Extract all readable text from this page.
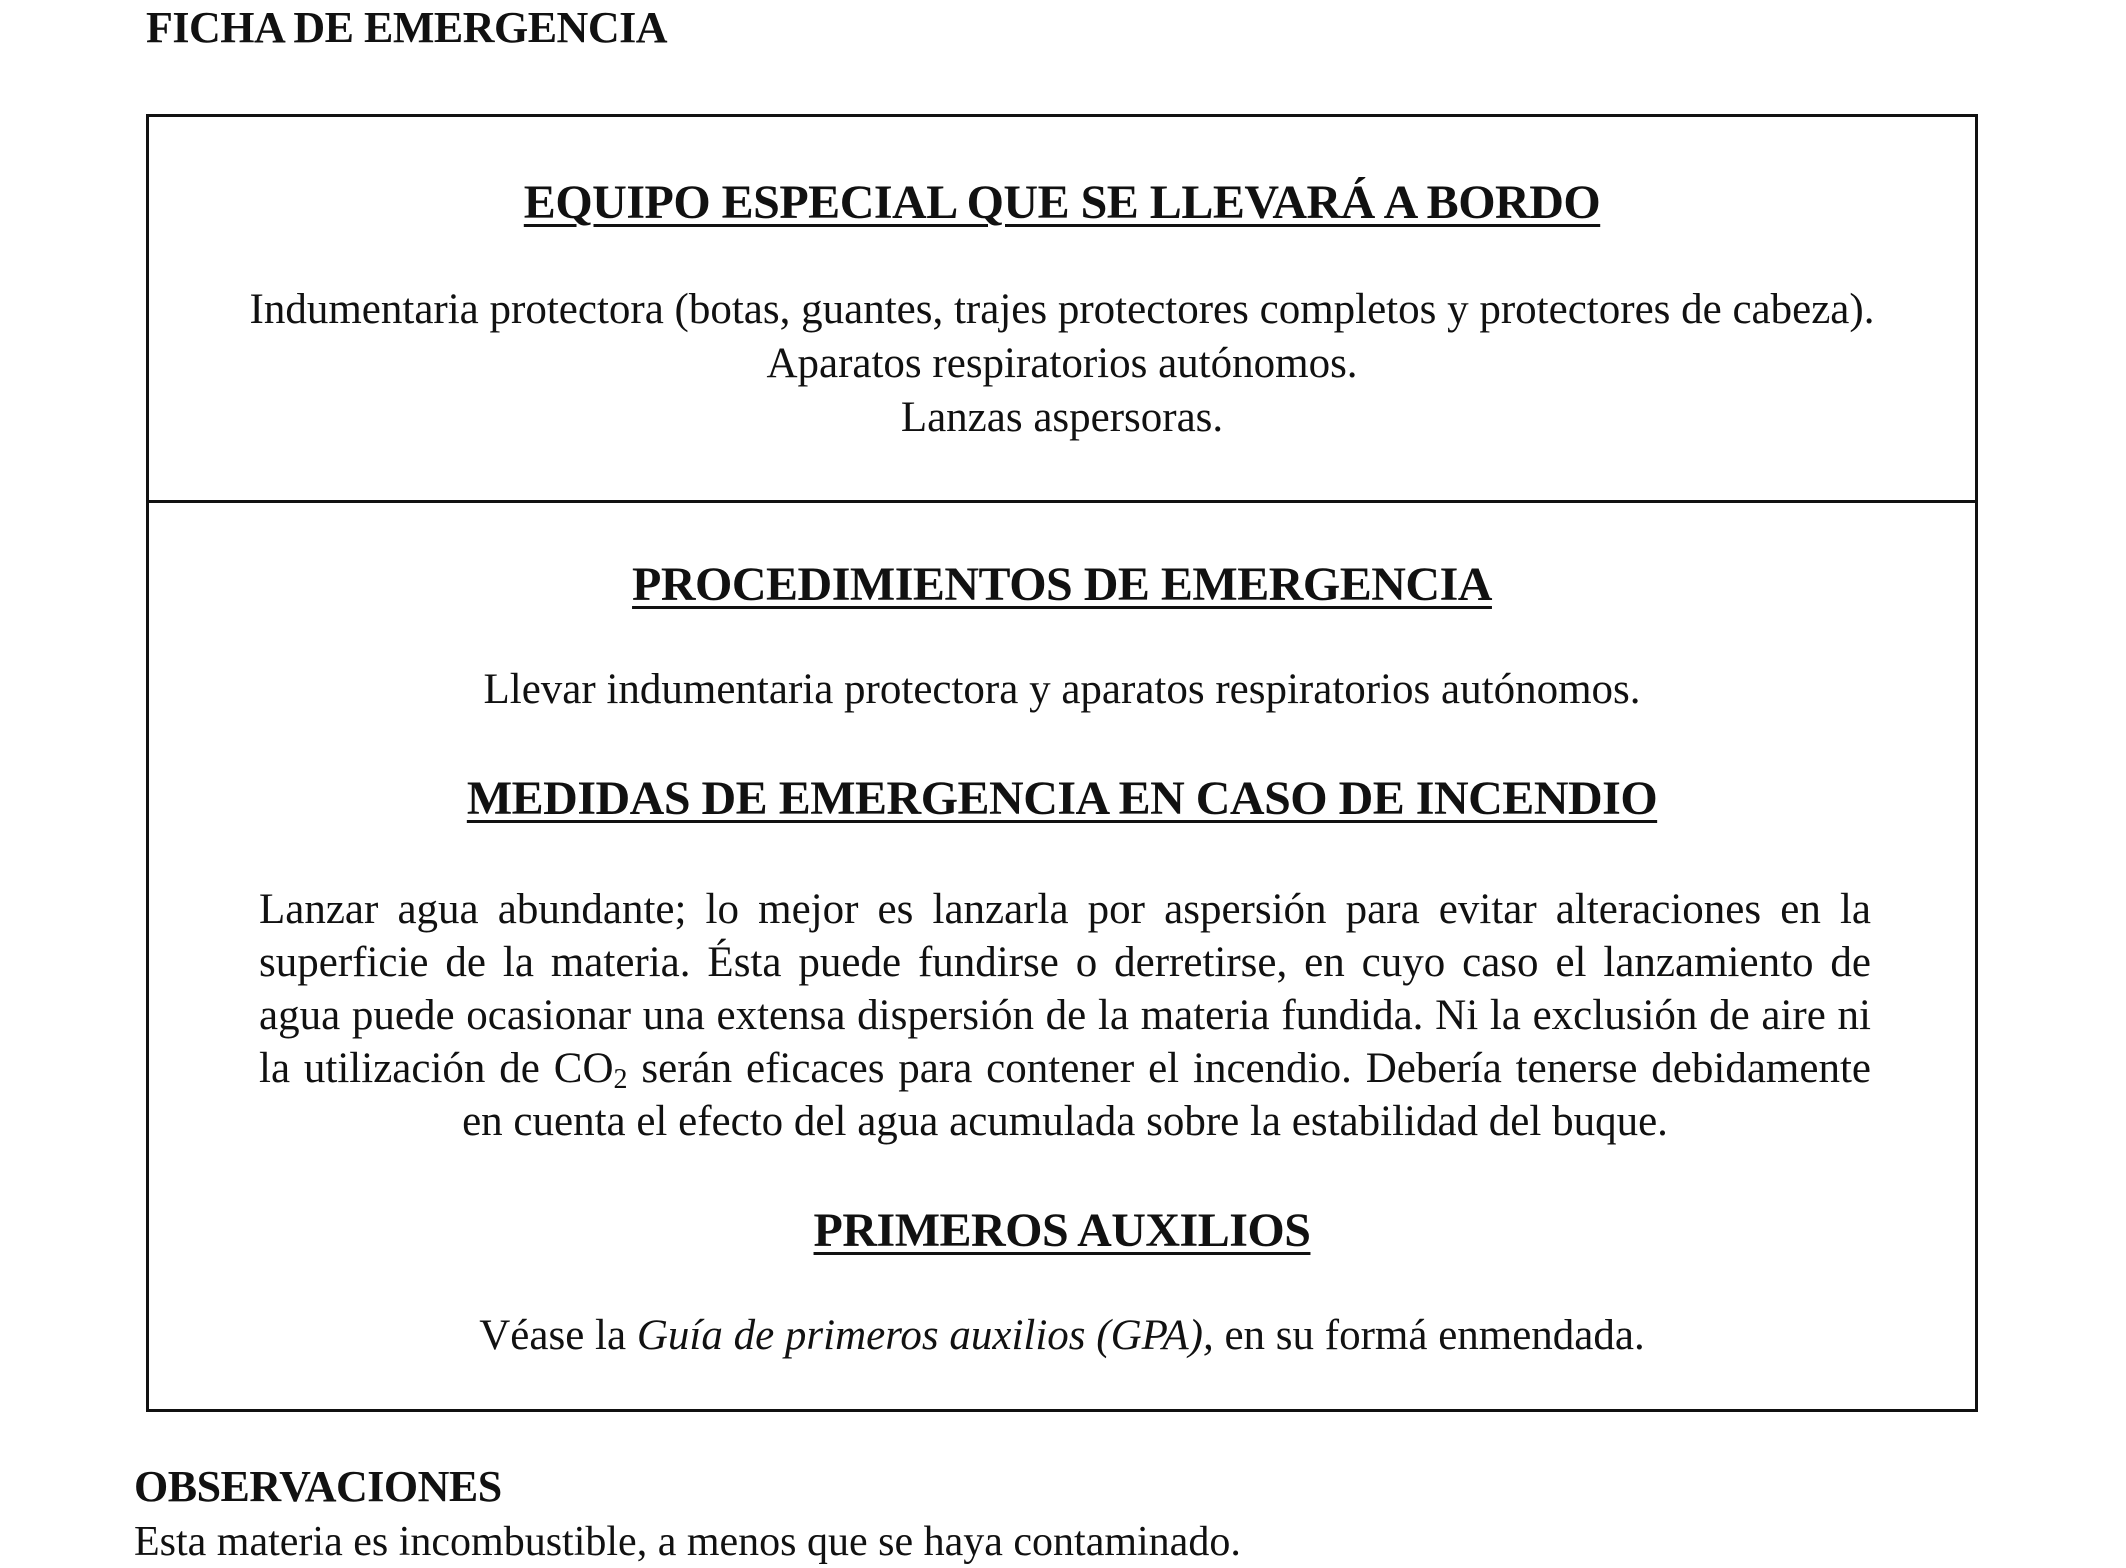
FICHA DE EMERGENCIA
EQUIPO ESPECIAL QUE SE LLEVARÁ A BORDO
Indumentaria protectora (botas, guantes, trajes protectores completos y protectores de cabeza).
Aparatos respiratorios autónomos.
Lanzas aspersoras.
PROCEDIMIENTOS DE EMERGENCIA
Llevar indumentaria protectora y aparatos respiratorios autónomos.
MEDIDAS DE EMERGENCIA EN CASO DE INCENDIO
Lanzar agua abundante; lo mejor es lanzarla por aspersión para evitar alteraciones en la superficie de la materia. Ésta puede fundirse o derretirse, en cuyo caso el lanzamiento de agua puede ocasionar una extensa dispersión de la materia fundida. Ni la exclusión de aire ni la utilización de $CO_2$ serán eficaces para contener el incendio. Debería tenerse debidamente en cuenta el efecto del agua acumulada sobre la estabilidad del buque.
PRIMEROS AUXILIOS
Véase la Guía de primeros auxilios (GPA), en su formá enmendada.
OBSERVACIONES
Esta materia es incombustible, a menos que se haya contaminado.
